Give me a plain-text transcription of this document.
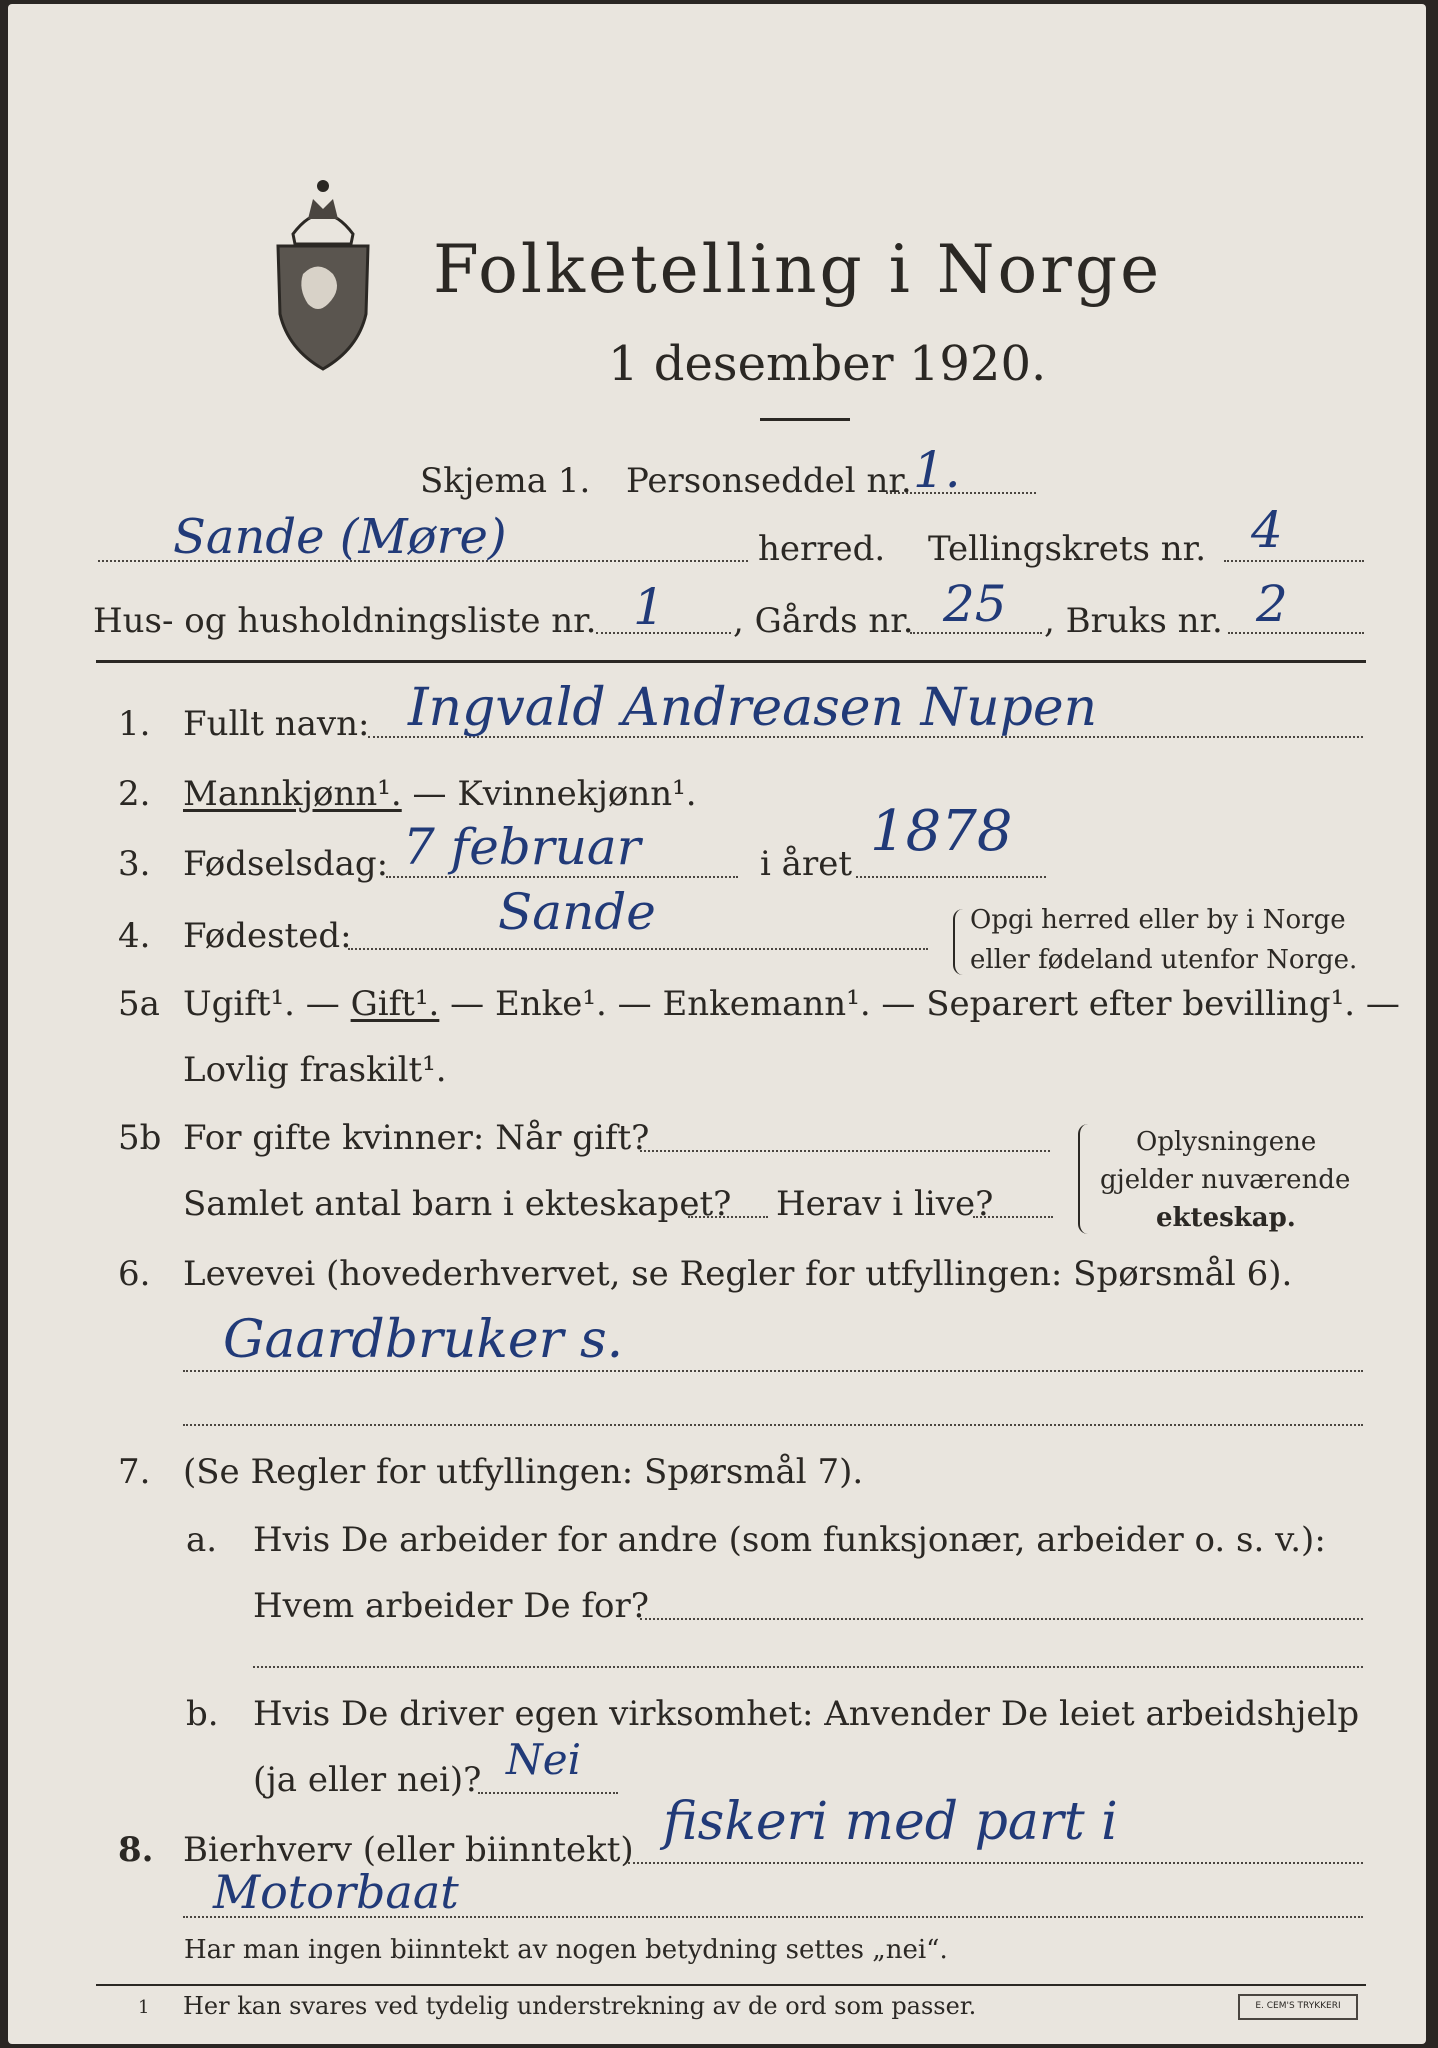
Folketelling i Norge
1 desember 1920.
Skjema 1. Personseddel nr. 1.
Sande (Møre)	herred. Tellingskrets nr. 4
Hus- og husholdningsliste nr. 1 , Gårds nr. 25 , Bruks nr. 2
1. Fullt navn: Ingvald Andreasen Nupen
2. Mannkjønn¹. — Kvinnekjønn¹.
3. Fødselsdag: 7 februar	i året 1878
4. Fødested:	Sande	Opgi herred eller by i Norge
eller fødeland utenfor Norge.
5a Ugift¹. — Gift¹. — Enke¹. — Enkemann¹. — Separert efter bevilling¹. —
Lovlig fraskilt¹.
5b For gifte kvinner: Når gift?
Samlet antal barn i ekteskapet? Herav i live?
Oplysningene
gjelder nuværende
ekteskap.
6. Levevei (hovederhvervet, se Regler for utfyllingen: Spørsmål 6).
Gaardbruker s.
7. (Se Regler for utfyllingen: Spørsmål 7).
a. Hvis De arbeider for andre (som funksjonær, arbeider o. s. v.):
Hvem arbeider De for?
b. Hvis De driver egen virksomhet: Anvender De leiet arbeidshjelp
(ja eller nei)? Nei
8. Bierhverv (eller biinntekt) fiskeri med part i
Motorbaat
Har man ingen biinntekt av nogen betydning settes „nei“.
1 Her kan svares ved tydelig understrekning av de ord som passer.	E. CEM'S TRYKKERI
